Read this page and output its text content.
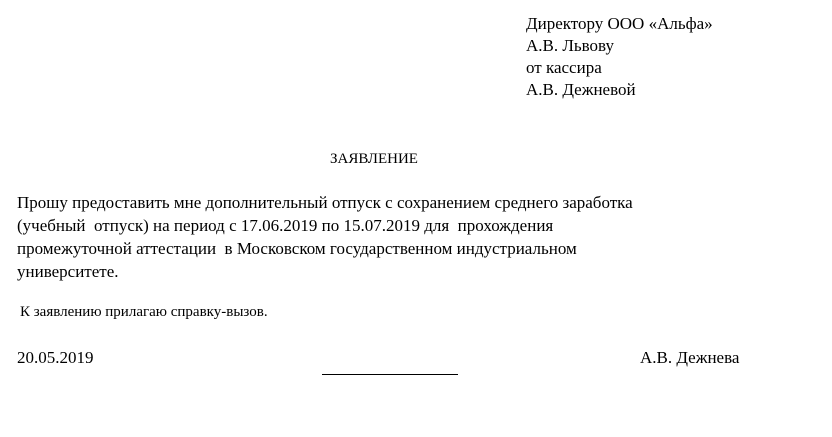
Директору ООО «Альфа»
А.В. Львову
от кассира
А.В. Дежневой
ЗАЯВЛЕНИЕ
Прошу предоставить мне дополнительный отпуск с сохранением среднего заработка
(учебный  отпуск) на период с 17.06.2019 по 15.07.2019 для  прохождения
промежуточной аттестации  в Московском государственном индустриальном
университете.
К заявлению прилагаю справку-вызов.
20.05.2019	А.В. Дежнева
